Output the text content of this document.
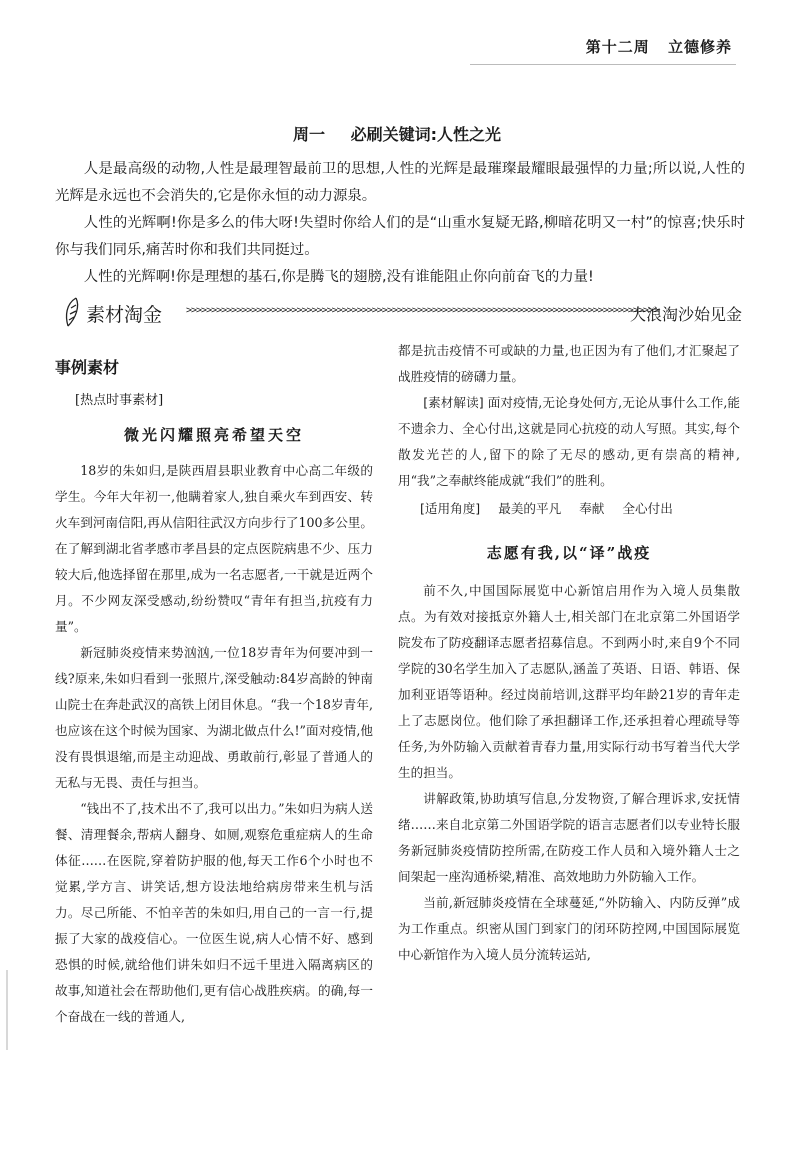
第十二周 立德修养
周一 必刷关键词:人性之光

人是最高级的动物,人性是最理智最前卫的思想,人性的光辉是最璀璨最耀眼最强悍的力量;所以说,人性的光辉是永远也不会消失的,它是你永恒的动力源泉。

人性的光辉啊!你是多么的伟大呀!失望时你给人们的是“山重水复疑无路,柳暗花明又一村”的惊喜;快乐时你与我们同乐,痛苦时你和我们共同挺过。

人性的光辉啊!你是理想的基石,你是腾飞的翅膀,没有谁能阻止你向前奋飞的力量!

素材淘金 >>>>>>>>>>>>>>>>>>>>>>>>>>>>>>>>>>>>>>>>>>>>>>>>>>>>>>>>>>>>>>>>>>>>>>>>>>>>>>>>>>>>>>>>>>>>>>
大浪淘沙始见金
事例素材
[热点时事素材]
微光闪耀照亮希望天空

18岁的朱如归,是陕西眉县职业教育中心高二年级的学生。今年大年初一,他瞒着家人,独自乘火车到西安、转火车到河南信阳,再从信阳往武汉方向步行了100多公里。在了解到湖北省孝感市孝昌县的定点医院病患不少、压力较大后,他选择留在那里,成为一名志愿者,一干就是近两个月。不少网友深受感动,纷纷赞叹“青年有担当,抗疫有力量”。

新冠肺炎疫情来势汹汹,一位18岁青年为何要冲到一线?原来,朱如归看到一张照片,深受触动:84岁高龄的钟南山院士在奔赴武汉的高铁上闭目休息。“我一个18岁青年,也应该在这个时候为国家、为湖北做点什么!”面对疫情,他没有畏惧退缩,而是主动迎战、勇敢前行,彰显了普通人的无私与无畏、责任与担当。

“钱出不了,技术出不了,我可以出力。”朱如归为病人送餐、清理餐余,帮病人翻身、如厕,观察危重症病人的生命体征……在医院,穿着防护服的他,每天工作6个小时也不觉累,学方言、讲笑话,想方设法地给病房带来生机与活力。尽己所能、不怕辛苦的朱如归,用自己的一言一行,提振了大家的战疫信心。一位医生说,病人心情不好、感到恐惧的时候,就给他们讲朱如归不远千里进入隔离病区的故事,知道社会在帮助他们,更有信心战胜疾病。的确,每一个奋战在一线的普通人,

都是抗击疫情不可或缺的力量,也正因为有了他们,才汇聚起了战胜疫情的磅礴力量。

[素材解读] 面对疫情,无论身处何方,无论从事什么工作,能不遗余力、全心付出,这就是同心抗疫的动人写照。其实,每个散发光芒的人,留下的除了无尽的感动,更有崇高的精神,用“我”之奉献终能成就“我们”的胜利。

[适用角度] 最美的平凡 奉献 全心付出
志愿有我,以“译”战疫

前不久,中国国际展览中心新馆启用作为入境人员集散点。为有效对接抵京外籍人士,相关部门在北京第二外国语学院发布了防疫翻译志愿者招募信息。不到两小时,来自9个不同学院的30名学生加入了志愿队,涵盖了英语、日语、韩语、保加利亚语等语种。经过岗前培训,这群平均年龄21岁的青年走上了志愿岗位。他们除了承担翻译工作,还承担着心理疏导等任务,为外防输入贡献着青春力量,用实际行动书写着当代大学生的担当。

讲解政策,协助填写信息,分发物资,了解合理诉求,安抚情绪……来自北京第二外国语学院的语言志愿者们以专业特长服务新冠肺炎疫情防控所需,在防疫工作人员和入境外籍人士之间架起一座沟通桥梁,精准、高效地助力外防输入工作。

当前,新冠肺炎疫情在全球蔓延,“外防输入、内防反弹”成为工作重点。织密从国门到家门的闭环防控网,中国国际展览中心新馆作为入境人员分流转运站,
